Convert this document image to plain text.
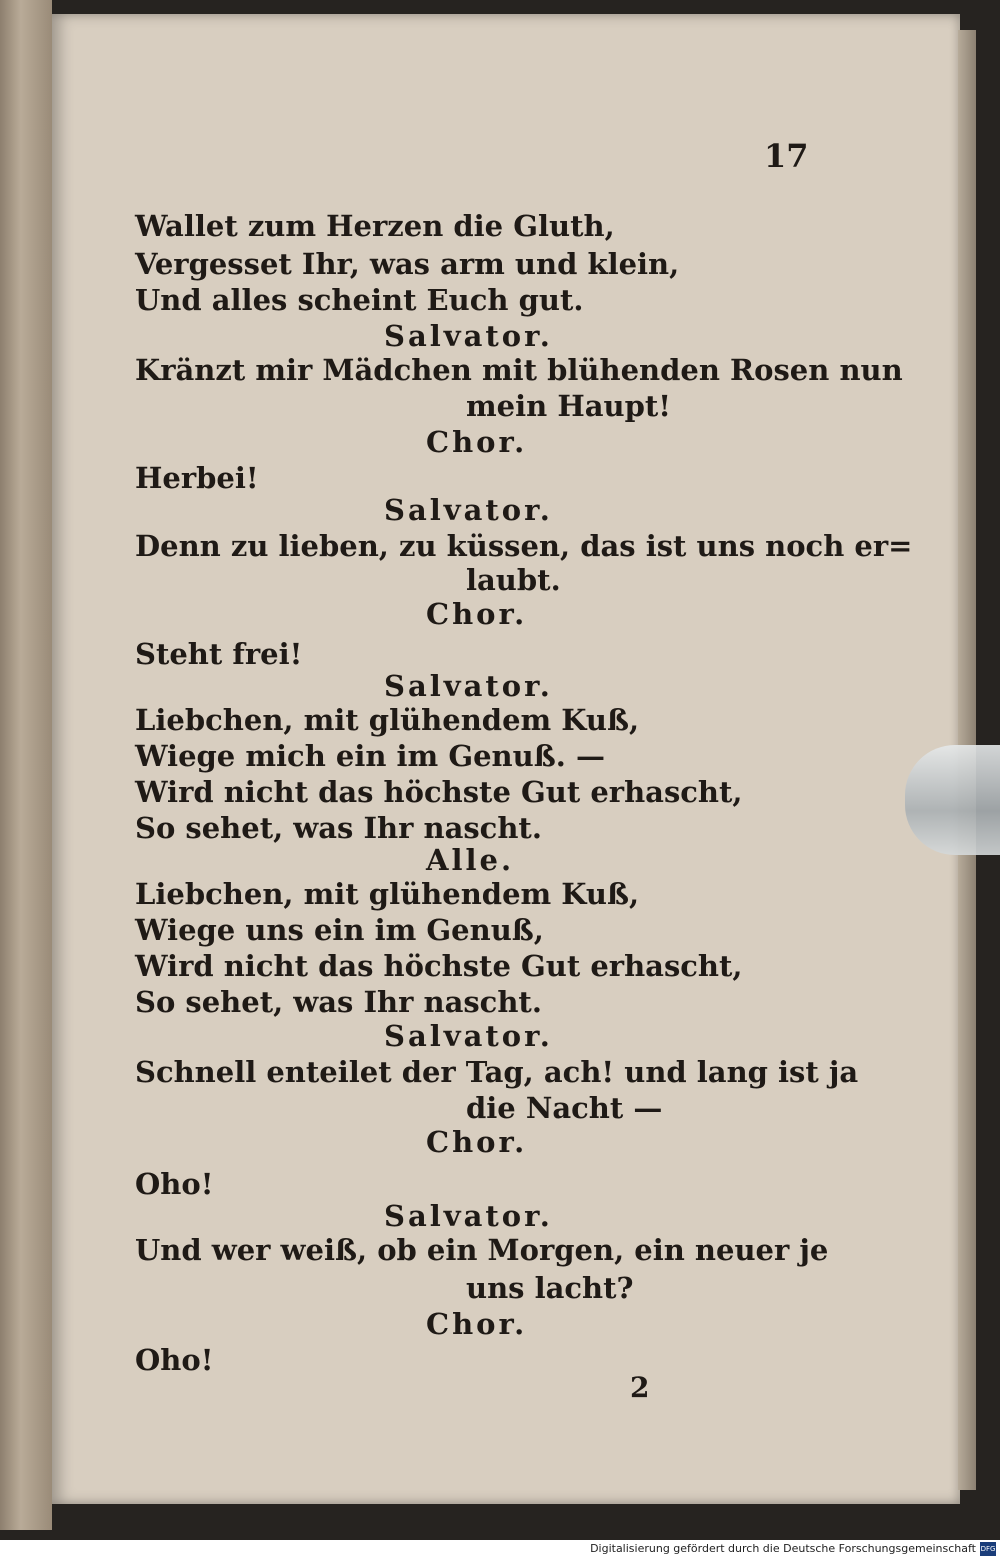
17
Wallet zum Herzen die Gluth,
Vergesset Ihr, was arm und klein,
Und alles scheint Euch gut.
Salvator.
Kränzt mir Mädchen mit blühenden Rosen nun
mein Haupt!
Chor.
Herbei!
Salvator.
Denn zu lieben, zu küssen, das ist uns noch er=
laubt.
Chor.
Steht frei!
Salvator.
Liebchen, mit glühendem Kuß,
Wiege mich ein im Genuß. —
Wird nicht das höchste Gut erhascht,
So sehet, was Ihr nascht.
Alle.
Liebchen, mit glühendem Kuß,
Wiege uns ein im Genuß,
Wird nicht das höchste Gut erhascht,
So sehet, was Ihr nascht.
Salvator.
Schnell enteilet der Tag, ach! und lang ist ja
die Nacht —
Chor.
Oho!
Salvator.
Und wer weiß, ob ein Morgen, ein neuer je
uns lacht?
Chor.
Oho!
2
Digitalisierung gefördert durch die Deutsche Forschungsgemeinschaft DFG
